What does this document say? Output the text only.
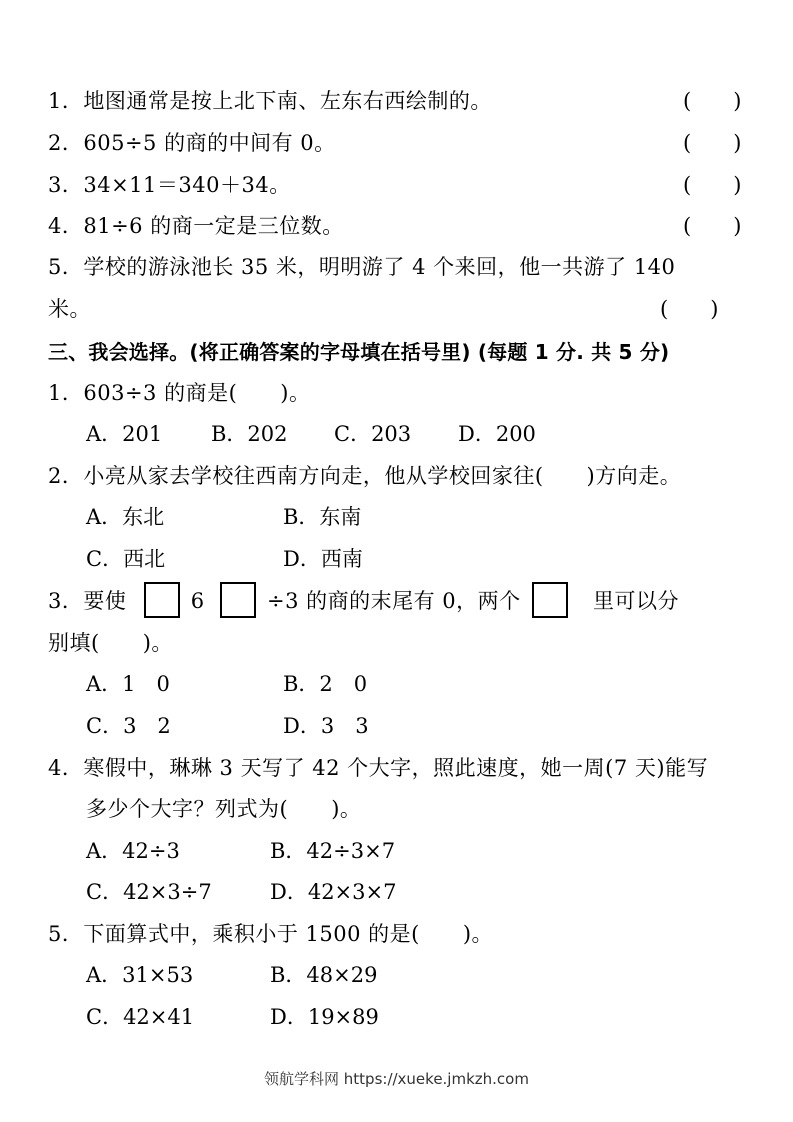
1．地图通常是按上北下南、左东右西绘制的。	(　　)
2．605÷5 的商的中间有 0。	(　　)
3．34×11＝340＋34。	(　　)
4．81÷6 的商一定是三位数。	(　　)
5．学校的游泳池长 35 米，明明游了 4 个来回，他一共游了 140
米。	(　　)
三、我会选择。(将正确答案的字母填在括号里) (每题 1 分. 共 5 分)
1．603÷3 的商是(　　)。
A．201 B．202 C．203 D．200
2．小亮从家去学校往西南方向走，他从学校回家往(　　)方向走。
A．东北	B．东南
C．西北	D．西南
3．要使	6	÷3 的商的末尾有 0，两个	里可以分
别填(　　)。
A．1　0	B．2　0
C．3　2	D．3　3
4．寒假中，琳琳 3 天写了 42 个大字，照此速度，她一周(7 天)能写
多少个大字？列式为(　　)。
A．42÷3	B．42÷3×7
C．42×3÷7	D．42×3×7
5．下面算式中，乘积小于 1500 的是(　　)。
A．31×53	B．48×29
C．42×41	D．19×89
领航学科网 https://xueke.jmkzh.com
